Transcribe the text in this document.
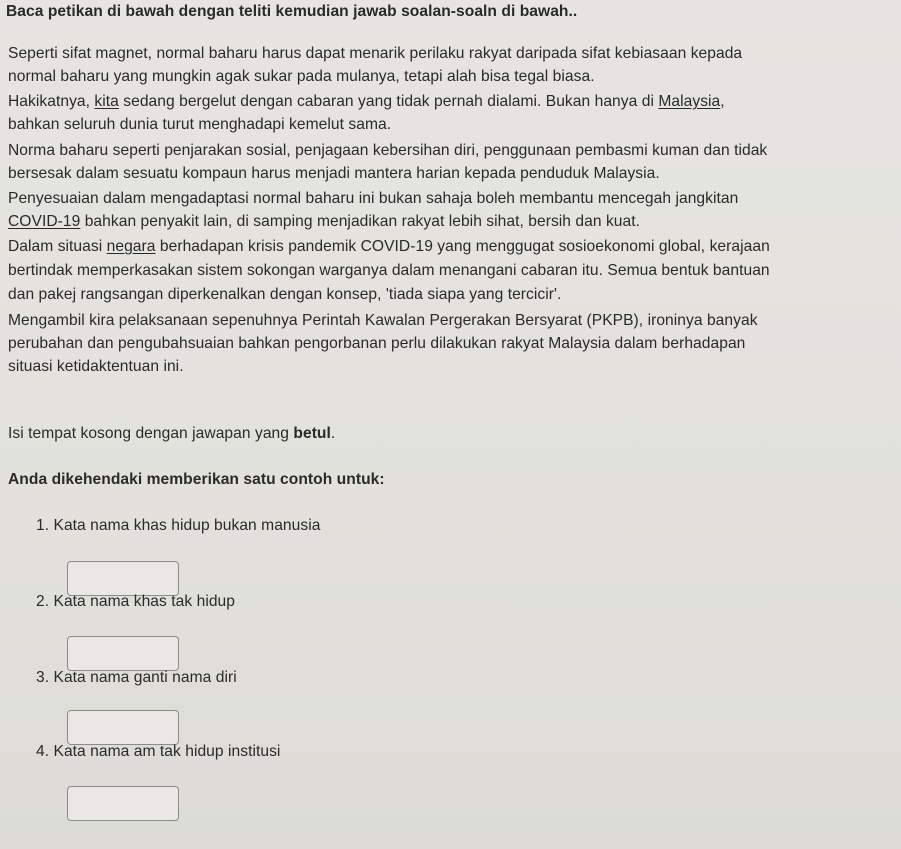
Baca petikan di bawah dengan teliti kemudian jawab soalan-soaln di bawah..
Seperti sifat magnet, normal baharu harus dapat menarik perilaku rakyat daripada sifat kebiasaan kepada
normal baharu yang mungkin agak sukar pada mulanya, tetapi alah bisa tegal biasa.
Hakikatnya, kita sedang bergelut dengan cabaran yang tidak pernah dialami. Bukan hanya di Malaysia,
bahkan seluruh dunia turut menghadapi kemelut sama.
Norma baharu seperti penjarakan sosial, penjagaan kebersihan diri, penggunaan pembasmi kuman dan tidak
bersesak dalam sesuatu kompaun harus menjadi mantera harian kepada penduduk Malaysia.
Penyesuaian dalam mengadaptasi normal baharu ini bukan sahaja boleh membantu mencegah jangkitan
COVID-19 bahkan penyakit lain, di samping menjadikan rakyat lebih sihat, bersih dan kuat.
Dalam situasi negara berhadapan krisis pandemik COVID-19 yang menggugat sosioekonomi global, kerajaan
bertindak memperkasakan sistem sokongan warganya dalam menangani cabaran itu. Semua bentuk bantuan
dan pakej rangsangan diperkenalkan dengan konsep, 'tiada siapa yang tercicir'.
Mengambil kira pelaksanaan sepenuhnya Perintah Kawalan Pergerakan Bersyarat (PKPB), ironinya banyak
perubahan dan pengubahsuaian bahkan pengorbanan perlu dilakukan rakyat Malaysia dalam berhadapan
situasi ketidaktentuan ini.
Isi tempat kosong dengan jawapan yang betul.
Anda dikehendaki memberikan satu contoh untuk:
1. Kata nama khas hidup bukan manusia
2. Kata nama khas tak hidup
3. Kata nama ganti nama diri
4. Kata nama am tak hidup institusi
